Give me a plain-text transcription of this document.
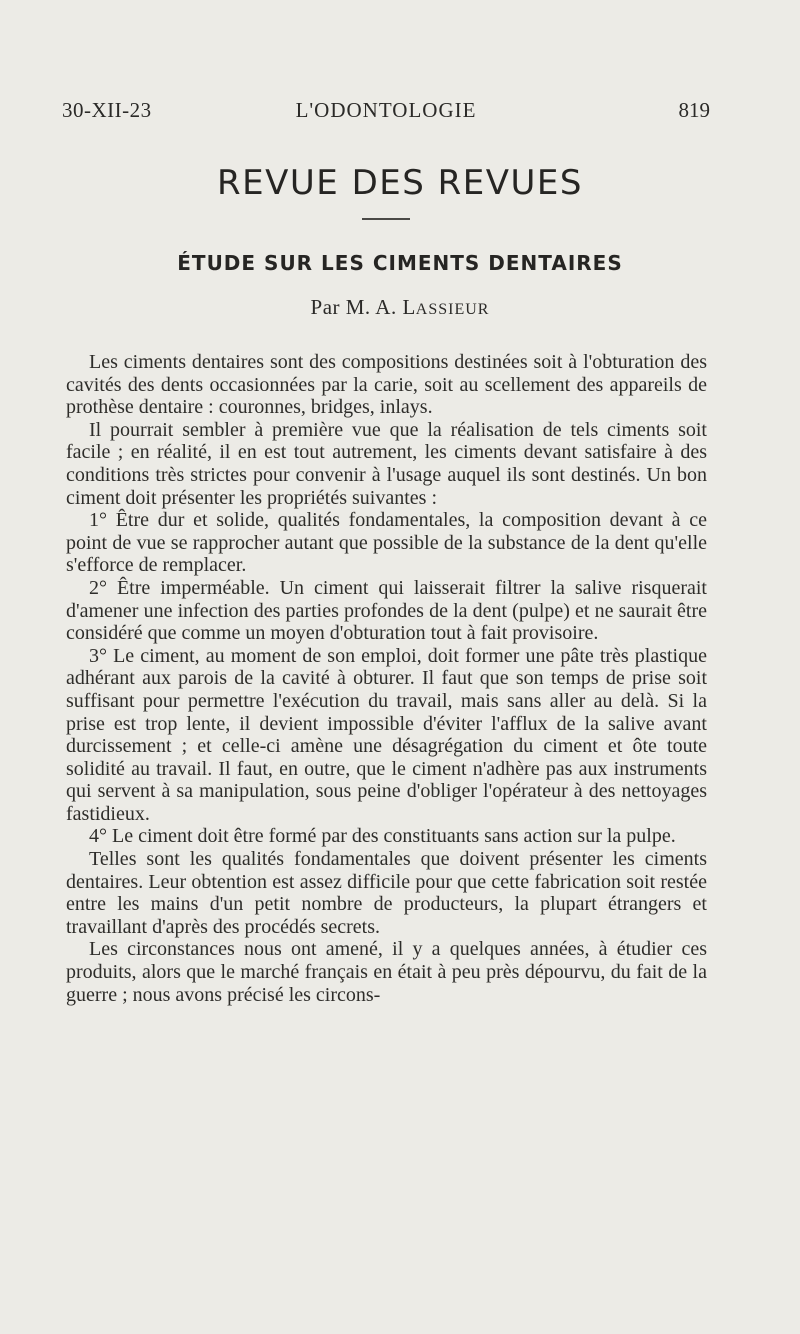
30-XII-23	L'ODONTOLOGIE	819
REVUE DES REVUES
ÉTUDE SUR LES CIMENTS DENTAIRES
Par M. A. LASSIEUR

Les ciments dentaires sont des compositions destinées soit à l'obturation des cavités des dents occasionnées par la carie, soit au scellement des appareils de prothèse dentaire : couronnes, bridges, inlays.

Il pourrait sembler à première vue que la réalisation de tels ciments soit facile ; en réalité, il en est tout autrement, les ciments devant satisfaire à des conditions très strictes pour convenir à l'usage auquel ils sont destinés. Un bon ciment doit présenter les propriétés suivantes :

1° Être dur et solide, qualités fondamentales, la composition devant à ce point de vue se rapprocher autant que possible de la substance de la dent qu'elle s'efforce de remplacer.

2° Être imperméable. Un ciment qui laisserait filtrer la salive risquerait d'amener une infection des parties profondes de la dent (pulpe) et ne saurait être considéré que comme un moyen d'obturation tout à fait provisoire.

3° Le ciment, au moment de son emploi, doit former une pâte très plastique adhérant aux parois de la cavité à obturer. Il faut que son temps de prise soit suffisant pour permettre l'exécution du travail, mais sans aller au delà. Si la prise est trop lente, il devient impossible d'éviter l'afflux de la salive avant durcissement ; et celle-ci amène une désagrégation du ciment et ôte toute solidité au travail. Il faut, en outre, que le ciment n'adhère pas aux instruments qui servent à sa manipulation, sous peine d'obliger l'opérateur à des nettoyages fastidieux.

4° Le ciment doit être formé par des constituants sans action sur la pulpe.

Telles sont les qualités fondamentales que doivent présenter les ciments dentaires. Leur obtention est assez difficile pour que cette fabrication soit restée entre les mains d'un petit nombre de producteurs, la plupart étrangers et travaillant d'après des procédés secrets.

Les circonstances nous ont amené, il y a quelques années, à étudier ces produits, alors que le marché français en était à peu près dépourvu, du fait de la guerre ; nous avons précisé les circons-
